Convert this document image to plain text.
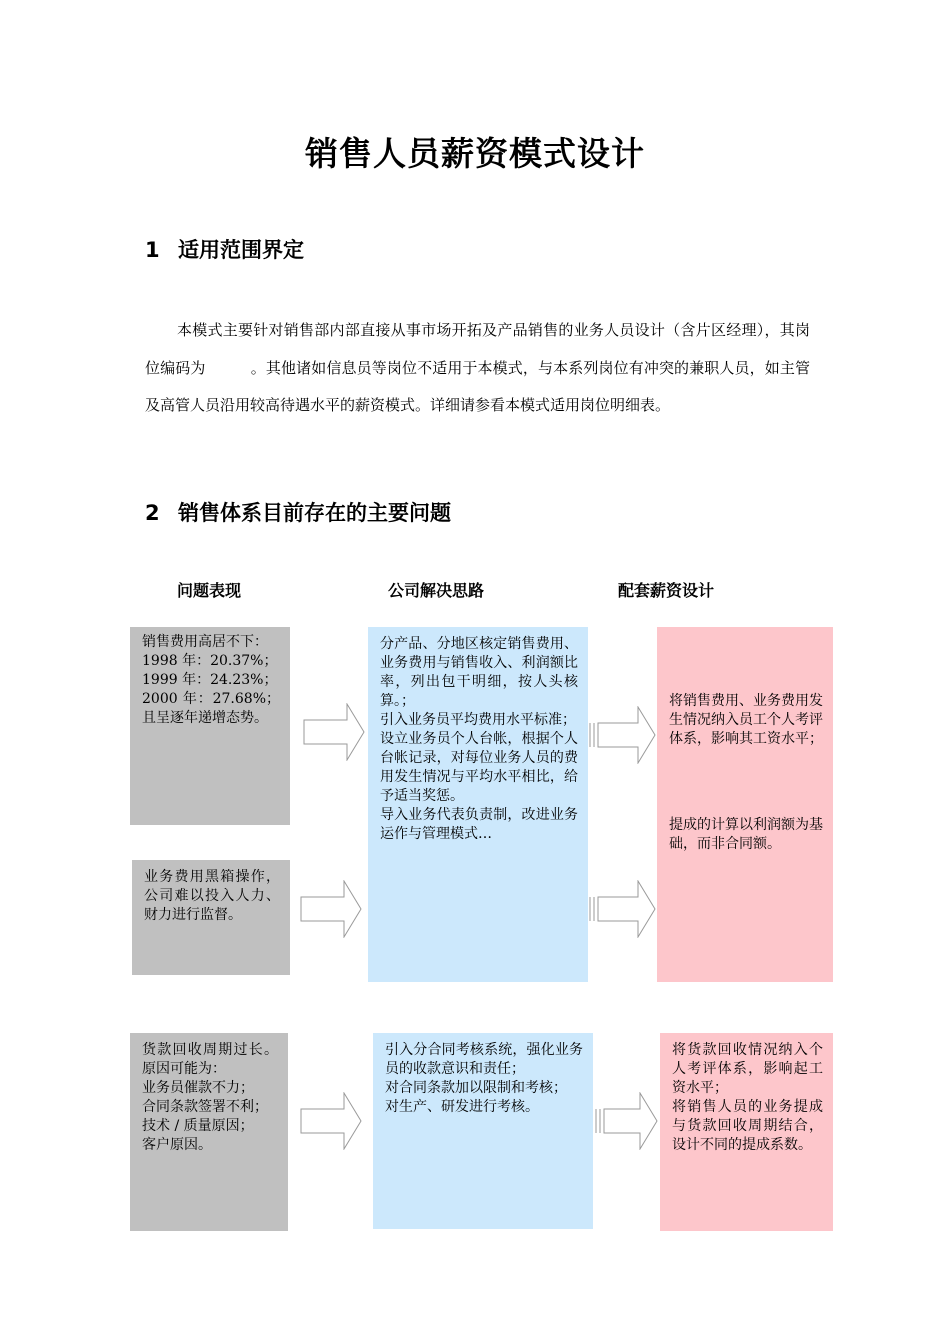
销售人员薪资模式设计
1 适用范围界定
本模式主要针对销售部内部直接从事市场开拓及产品销售的业务人员设计（含片区经理），其岗位编码为　　　。其他诸如信息员等岗位不适用于本模式，与本系列岗位有冲突的兼职人员，如主管及高管人员沿用较高待遇水平的薪资模式。详细请参看本模式适用岗位明细表。
2 销售体系目前存在的主要问题
问题表现	公司解决思路	配套薪资设计
销售费用高居不下：
1998 年：20.37%；
1999 年：24.23%；
2000 年：27.68%；且呈逐年递增态势。
业务费用黑箱操作，公司难以投入人力、财力进行监督。
分产品、分地区核定销售费用、业务费用与销售收入、利润额比率，列出包干明细，按人头核算。；
引入业务员平均费用水平标准；
设立业务员个人台帐，根据个人台帐记录，对每位业务人员的费用发生情况与平均水平相比，给予适当奖惩。
导入业务代表负责制，改进业务运作与管理模式…

将销售费用、业务费用发生情况纳入员工个人考评体系，影响其工资水平；

提成的计算以利润额为基础，而非合同额。

货款回收周期过长。原因可能为：
业务员催款不力；
合同条款签署不利；
技术 / 质量原因；
客户原因。
引入分合同考核系统，强化业务员的收款意识和责任；
对合同条款加以限制和考核；
对生产、研发进行考核。
将货款回收情况纳入个人考评体系，影响起工资水平；
将销售人员的业务提成与货款回收周期结合，设计不同的提成系数。
